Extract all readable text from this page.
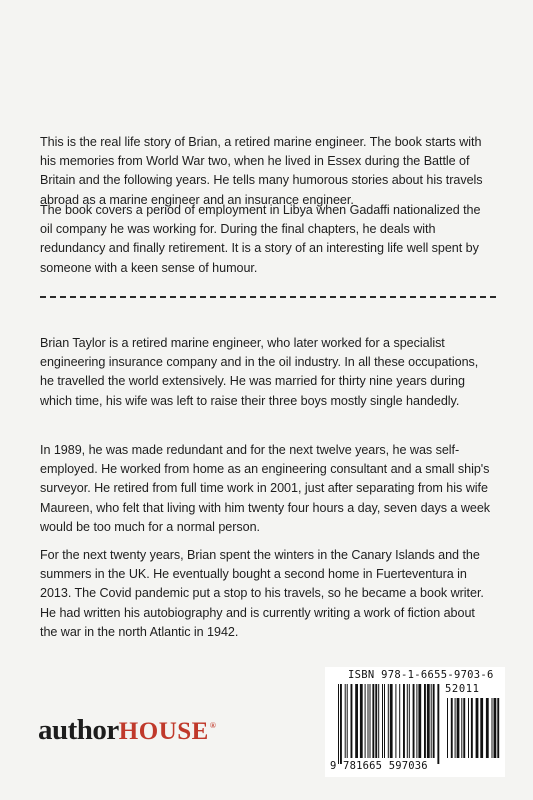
This is the real life story of Brian, a retired marine engineer. The book starts with his memories from World War two, when he lived in Essex during the Battle of Britain and the following years. He tells many humorous stories about his travels abroad as a marine engineer and an insurance engineer.

The book covers a period of employment in Libya when Gadaffi nationalized the oil company he was working for. During the final chapters, he deals with redundancy and finally retirement. It is a story of an interesting life well spent by someone with a keen sense of humour.

Brian Taylor is a retired marine engineer, who later worked for a specialist engineering insurance company and in the oil industry. In all these occupations, he travelled the world extensively. He was married for thirty nine years during which time, his wife was left to raise their three boys mostly single handedly.

In 1989, he was made redundant and for the next twelve years, he was self-employed. He worked from home as an engineering consultant and a small ship's surveyor. He retired from full time work in 2001, just after separating from his wife Maureen, who felt that living with him twenty four hours a day, seven days a week would be too much for a normal person.

For the next twenty years, Brian spent the winters in the Canary Islands and the summers in the UK. He eventually bought a second home in Fuerteventura in 2013. The Covid pandemic put a stop to his travels, so he became a book writer. He had written his autobiography and is currently writing a work of fiction about the war in the north Atlantic in 1942.

authorHOUSE®
ISBN 978-1-6655-9703-6
52011
9 781665 597036
